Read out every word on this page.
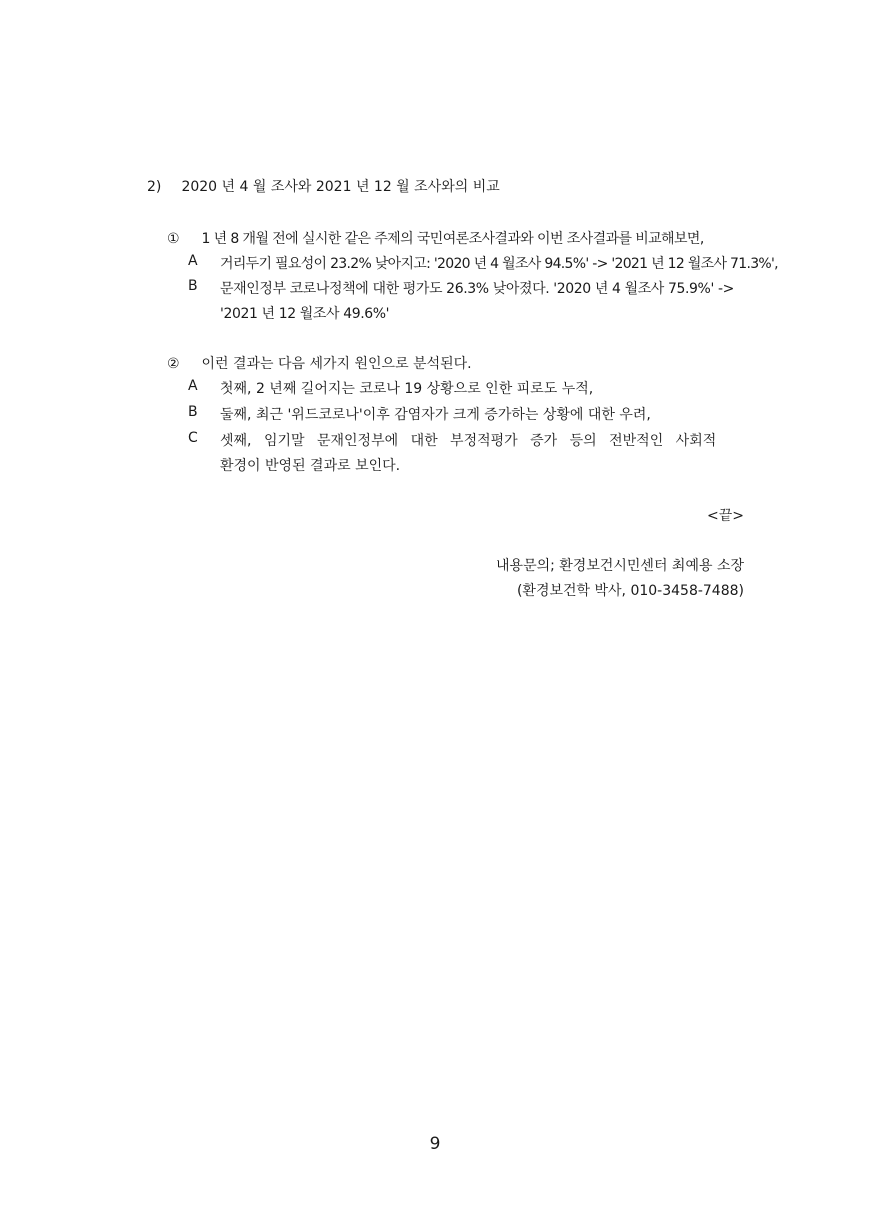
2) 2020 년 4 월 조사와 2021 년 12 월 조사와의 비교
① 1 년 8 개월 전에 실시한 같은 주제의 국민여론조사결과와 이번 조사결과를 비교해보면,
A 거리두기 필요성이 23.2% 낮아지고: '2020 년 4 월조사 94.5%' -> '2021 년 12 월조사 71.3%',
B 문재인정부 코로나정책에 대한 평가도 26.3% 낮아졌다. '2020 년 4 월조사 75.9%' ->
'2021 년 12 월조사 49.6%'
② 이런 결과는 다음 세가지 원인으로 분석된다.
A 첫째, 2 년째 길어지는 코로나 19 상황으로 인한 피로도 누적,
B 둘째, 최근 '위드코로나'이후 감염자가 크게 증가하는 상황에 대한 우려,
C 셋째, 임기말 문재인정부에 대한 부정적평가 증가 등의 전반적인 사회적
환경이 반영된 결과로 보인다.
<끝>
내용문의; 환경보건시민센터 최예용 소장
(환경보건학 박사, 010-3458-7488)
9
